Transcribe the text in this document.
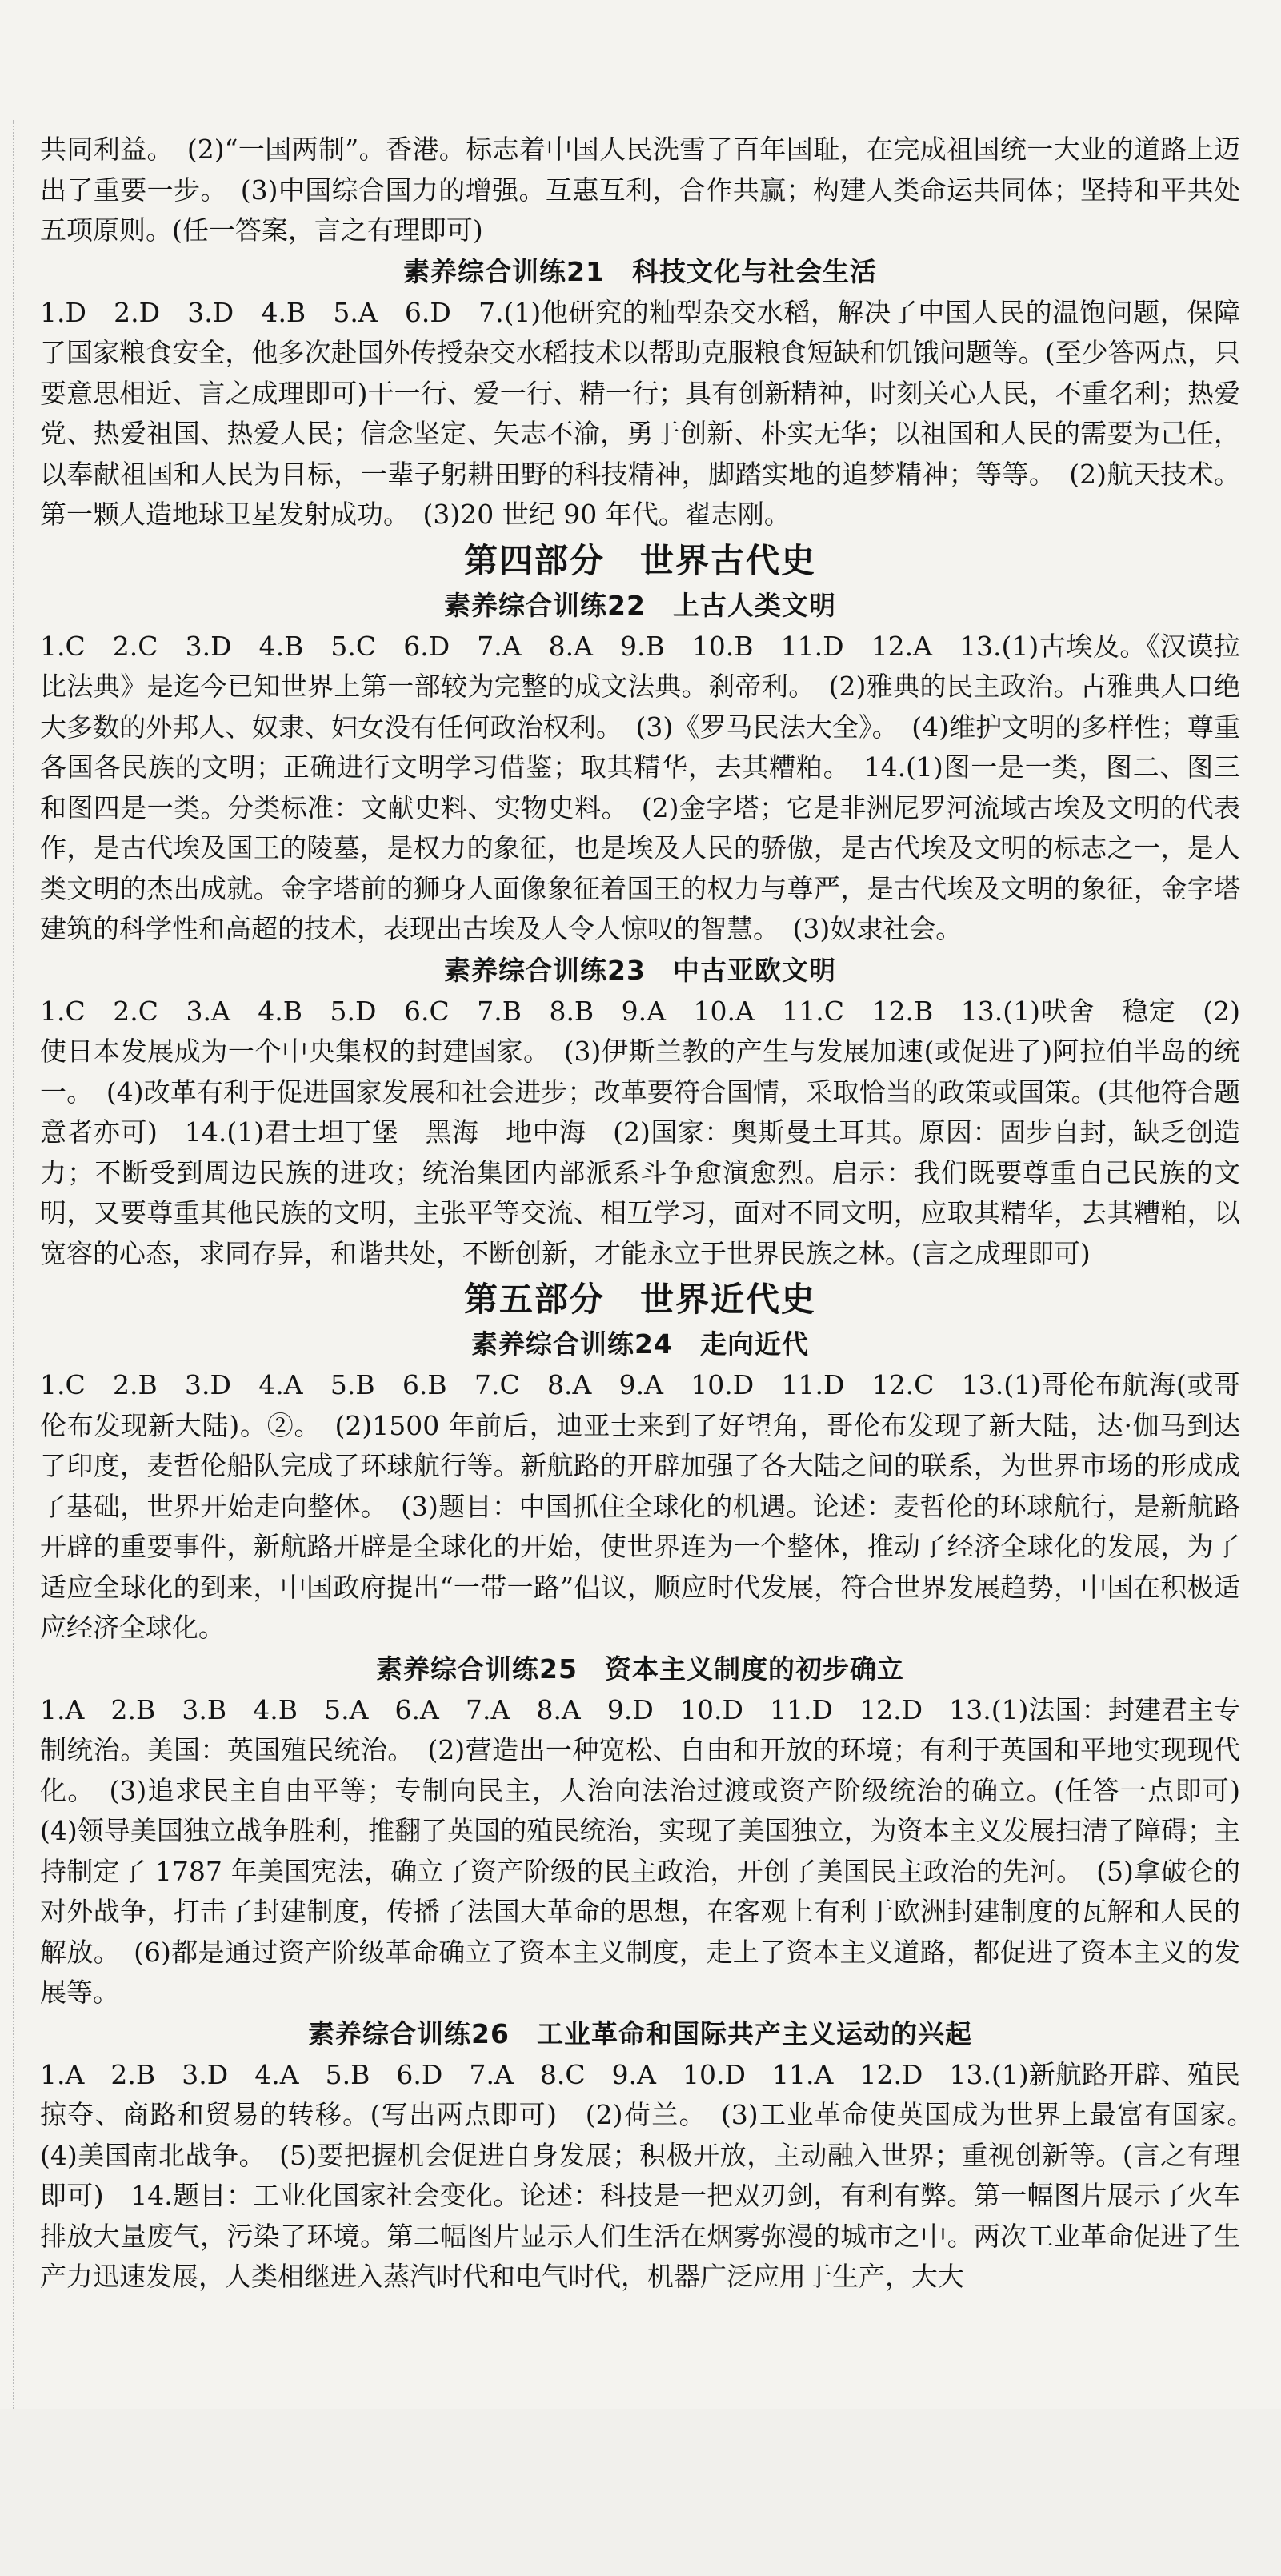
共同利益。　(2)“一国两制”。香港。标志着中国人民洗雪了百年国耻，在完成祖国统一大业的道路上迈出了重要一步。　(3)中国综合国力的增强。互惠互利，合作共赢；构建人类命运共同体；坚持和平共处五项原则。(任一答案，言之有理即可)

素养综合训练21　科技文化与社会生活

1.D　2.D　3.D　4.B　5.A　6.D　7.(1)他研究的籼型杂交水稻，解决了中国人民的温饱问题，保障了国家粮食安全，他多次赴国外传授杂交水稻技术以帮助克服粮食短缺和饥饿问题等。(至少答两点，只要意思相近、言之成理即可)干一行、爱一行、精一行；具有创新精神，时刻关心人民，不重名利；热爱党、热爱祖国、热爱人民；信念坚定、矢志不渝，勇于创新、朴实无华；以祖国和人民的需要为己任，以奉献祖国和人民为目标，一辈子躬耕田野的科技精神，脚踏实地的追梦精神；等等。　(2)航天技术。第一颗人造地球卫星发射成功。　(3)20 世纪 90 年代。翟志刚。

第四部分　世界古代史
素养综合训练22　上古人类文明

1.C　2.C　3.D　4.B　5.C　6.D　7.A　8.A　9.B　10.B　11.D　12.A　13.(1)古埃及。《汉谟拉比法典》是迄今已知世界上第一部较为完整的成文法典。刹帝利。　(2)雅典的民主政治。占雅典人口绝大多数的外邦人、奴隶、妇女没有任何政治权利。　(3)《罗马民法大全》。　(4)维护文明的多样性；尊重各国各民族的文明；正确进行文明学习借鉴；取其精华，去其糟粕。　14.(1)图一是一类，图二、图三和图四是一类。分类标准：文献史料、实物史料。　(2)金字塔；它是非洲尼罗河流域古埃及文明的代表作，是古代埃及国王的陵墓，是权力的象征，也是埃及人民的骄傲，是古代埃及文明的标志之一，是人类文明的杰出成就。金字塔前的狮身人面像象征着国王的权力与尊严，是古代埃及文明的象征，金字塔建筑的科学性和高超的技术，表现出古埃及人令人惊叹的智慧。　(3)奴隶社会。

素养综合训练23　中古亚欧文明

1.C　2.C　3.A　4.B　5.D　6.C　7.B　8.B　9.A　10.A　11.C　12.B　13.(1)吠舍　稳定　(2)使日本发展成为一个中央集权的封建国家。　(3)伊斯兰教的产生与发展加速(或促进了)阿拉伯半岛的统一。　(4)改革有利于促进国家发展和社会进步；改革要符合国情，采取恰当的政策或国策。(其他符合题意者亦可)　14.(1)君士坦丁堡　黑海　地中海　(2)国家：奥斯曼土耳其。原因：固步自封，缺乏创造力；不断受到周边民族的进攻；统治集团内部派系斗争愈演愈烈。启示：我们既要尊重自己民族的文明，又要尊重其他民族的文明，主张平等交流、相互学习，面对不同文明，应取其精华，去其糟粕，以宽容的心态，求同存异，和谐共处，不断创新，才能永立于世界民族之林。(言之成理即可)

第五部分　世界近代史
素养综合训练24　走向近代

1.C　2.B　3.D　4.A　5.B　6.B　7.C　8.A　9.A　10.D　11.D　12.C　13.(1)哥伦布航海(或哥伦布发现新大陆)。②。　(2)1500 年前后，迪亚士来到了好望角，哥伦布发现了新大陆，达·伽马到达了印度，麦哲伦船队完成了环球航行等。新航路的开辟加强了各大陆之间的联系，为世界市场的形成成了基础，世界开始走向整体。　(3)题目：中国抓住全球化的机遇。论述：麦哲伦的环球航行，是新航路开辟的重要事件，新航路开辟是全球化的开始，使世界连为一个整体，推动了经济全球化的发展，为了适应全球化的到来，中国政府提出“一带一路”倡议，顺应时代发展，符合世界发展趋势，中国在积极适应经济全球化。

素养综合训练25　资本主义制度的初步确立

1.A　2.B　3.B　4.B　5.A　6.A　7.A　8.A　9.D　10.D　11.D　12.D　13.(1)法国：封建君主专制统治。美国：英国殖民统治。　(2)营造出一种宽松、自由和开放的环境；有利于英国和平地实现现代化。　(3)追求民主自由平等；专制向民主，人治向法治过渡或资产阶级统治的确立。(任答一点即可)　(4)领导美国独立战争胜利，推翻了英国的殖民统治，实现了美国独立，为资本主义发展扫清了障碍；主持制定了 1787 年美国宪法，确立了资产阶级的民主政治，开创了美国民主政治的先河。　(5)拿破仑的对外战争，打击了封建制度，传播了法国大革命的思想，在客观上有利于欧洲封建制度的瓦解和人民的解放。　(6)都是通过资产阶级革命确立了资本主义制度，走上了资本主义道路，都促进了资本主义的发展等。

素养综合训练26　工业革命和国际共产主义运动的兴起

1.A　2.B　3.D　4.A　5.B　6.D　7.A　8.C　9.A　10.D　11.A　12.D　13.(1)新航路开辟、殖民掠夺、商路和贸易的转移。(写出两点即可)　(2)荷兰。　(3)工业革命使英国成为世界上最富有国家。　(4)美国南北战争。　(5)要把握机会促进自身发展；积极开放，主动融入世界；重视创新等。(言之有理即可)　14.题目：工业化国家社会变化。论述：科技是一把双刃剑，有利有弊。第一幅图片展示了火车排放大量废气，污染了环境。第二幅图片显示人们生活在烟雾弥漫的城市之中。两次工业革命促进了生产力迅速发展，人类相继进入蒸汽时代和电气时代，机器广泛应用于生产，大大
